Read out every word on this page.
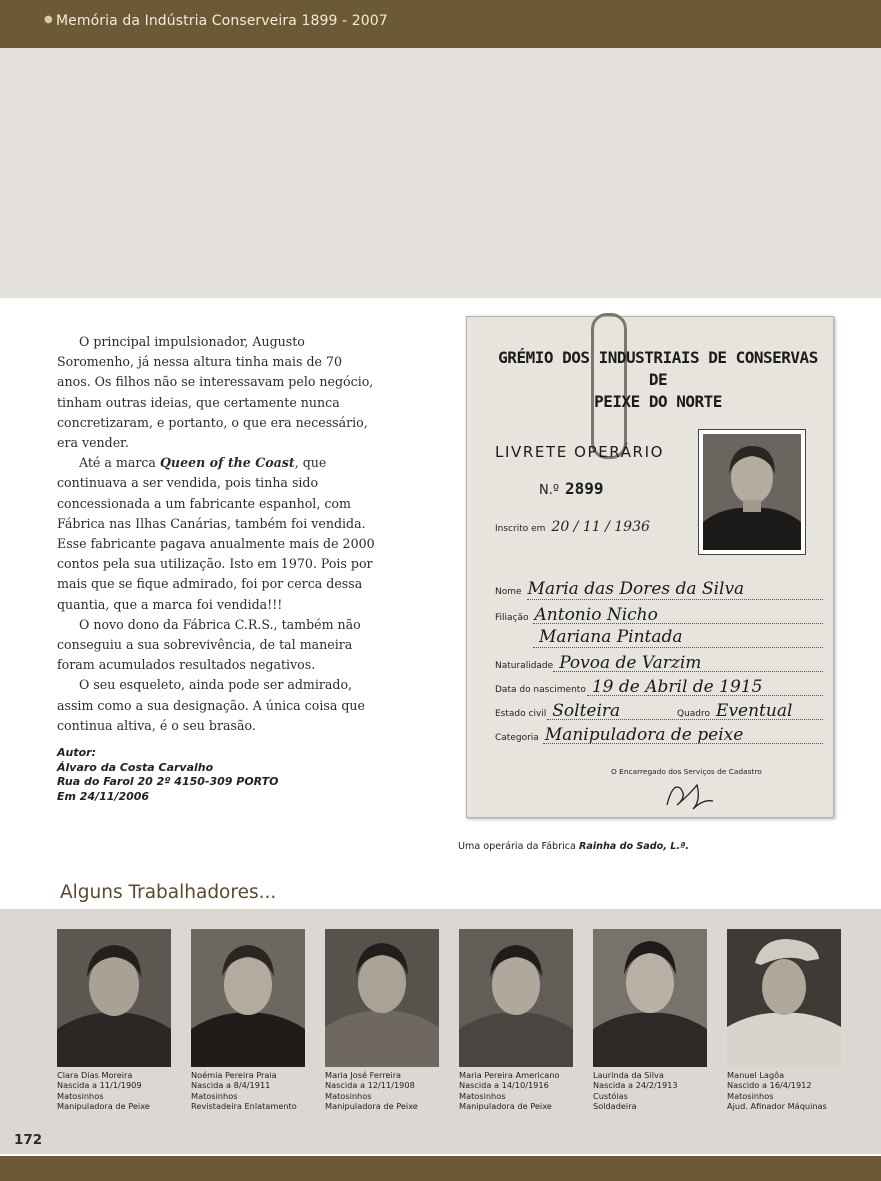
● Memória da Indústria Conserveira 1899 - 2007

O principal impulsionador, Augusto Soromenho, já nessa altura tinha mais de 70 anos. Os filhos não se interessavam pelo negócio, tinham outras ideias, que certamente nunca concretizaram, e portanto, o que era necessário, era vender.

Até a marca Queen of the Coast, que continuava a ser vendida, pois tinha sido concessionada a um fabricante espanhol, com Fábrica nas Ilhas Canárias, também foi vendida. Esse fabricante pagava anualmente mais de 2000 contos pela sua utilização. Isto em 1970. Pois por mais que se fique admirado, foi por cerca dessa quantia, que a marca foi vendida!!!

O novo dono da Fábrica C.R.S., também não conseguiu a sua sobrevivência, de tal maneira foram acumulados resultados negativos.

O seu esqueleto, ainda pode ser admirado, assim como a sua designação. A única coisa que continua altiva, é o seu brasão.

Autor:
Álvaro da Costa Carvalho
Rua do Farol 20 2º 4150-309 PORTO
Em 24/11/2006
GRÉMIO DOS INDUSTRIAIS DE CONSERVAS DE
PEIXE DO NORTE
LIVRETE OPERÁRIO
N.º 2899
Inscrito em 20 / 11 / 1936
Nome Maria das Dores da Silva
Filiação Antonio Nicho
Mariana Pintada
Naturalidade Povoa de Varzim
Data do nascimento 19 de Abril de 1915
Estado civil Solteira	Quadro Eventual
Categoria Manipuladora de peixe
O Encarregado dos Serviços de Cadastro
Uma operária da Fábrica Rainha do Sado, L.ª.
Alguns Trabalhadores...
Clara Dias Moreira
Nascida a 11/1/1909
Matosinhos
Manipuladora de Peixe
Noémia Pereira Praia
Nascida a 8/4/1911
Matosinhos
Revistadeira Enlatamento
Maria José Ferreira
Nascida a 12/11/1908
Matosinhos
Manipuladora de Peixe
Maria Pereira Americano
Nascida a 14/10/1916
Matosinhos
Manipuladora de Peixe
Laurinda da Silva
Nascida a 24/2/1913
Custóias
Soldadeira
Manuel Lagôa
Nascido a 16/4/1912
Matosinhos
Ajud. Afinador Máquinas
172
